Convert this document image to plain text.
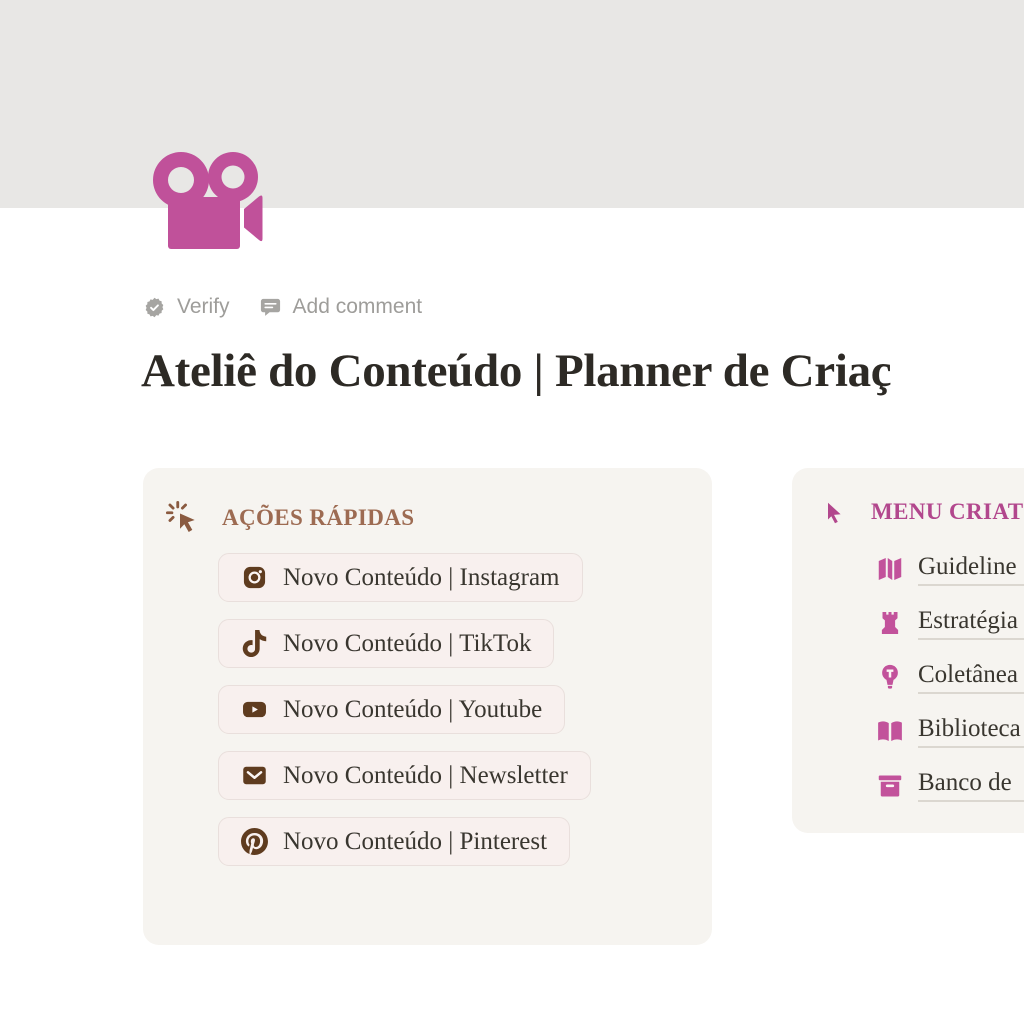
Verify	Add comment
Ateliê do Conteúdo | Planner de Criaç
AÇÕES RÁPIDAS
Novo Conteúdo | Instagram
Novo Conteúdo | TikTok
Novo Conteúdo | Youtube
Novo Conteúdo | Newsletter
Novo Conteúdo | Pinterest
MENU CRIAT
Guideline
Estratégia
Coletânea
Biblioteca
Banco de
